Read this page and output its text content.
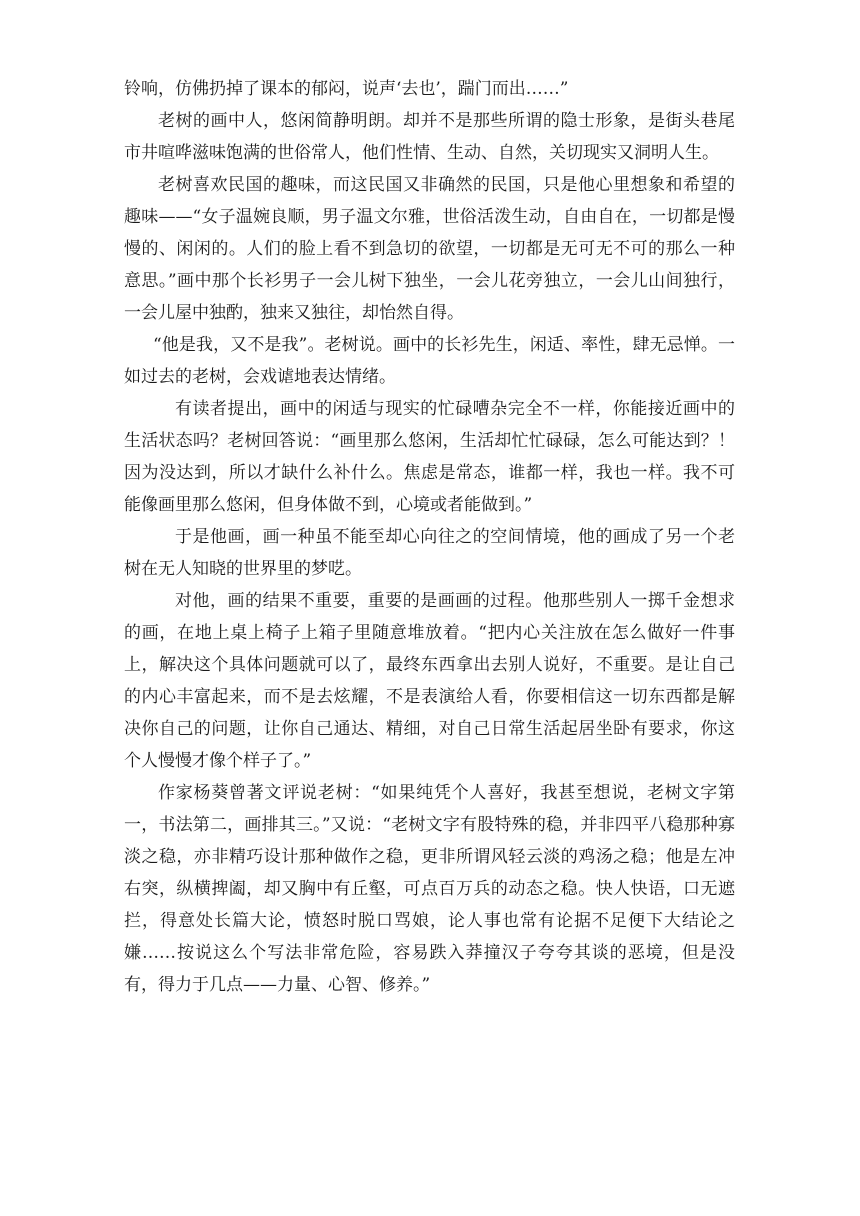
铃响，仿佛扔掉了课本的郁闷，说声‘去也’，踹门而出……”

老树的画中人，悠闲简静明朗。却并不是那些所谓的隐士形象，是街头巷尾市井喧哗滋味饱满的世俗常人，他们性情、生动、自然，关切现实又洞明人生。

老树喜欢民国的趣味，而这民国又非确然的民国，只是他心里想象和希望的趣味——“女子温婉良顺，男子温文尔雅，世俗活泼生动，自由自在，一切都是慢慢的、闲闲的。人们的脸上看不到急切的欲望，一切都是无可无不可的那么一种意思。”画中那个长衫男子一会儿树下独坐，一会儿花旁独立，一会儿山间独行，一会儿屋中独酌，独来又独往，却怡然自得。

“他是我，又不是我”。老树说。画中的长衫先生，闲适、率性，肆无忌惮。一如过去的老树，会戏谑地表达情绪。

有读者提出，画中的闲适与现实的忙碌嘈杂完全不一样，你能接近画中的生活状态吗？老树回答说：“画里那么悠闲，生活却忙忙碌碌，怎么可能达到？！因为没达到，所以才缺什么补什么。焦虑是常态，谁都一样，我也一样。我不可能像画里那么悠闲，但身体做不到，心境或者能做到。”

于是他画，画一种虽不能至却心向往之的空间情境，他的画成了另一个老树在无人知晓的世界里的梦呓。

对他，画的结果不重要，重要的是画画的过程。他那些别人一掷千金想求的画，在地上桌上椅子上箱子里随意堆放着。“把内心关注放在怎么做好一件事上，解决这个具体问题就可以了，最终东西拿出去别人说好，不重要。是让自己的内心丰富起来，而不是去炫耀，不是表演给人看，你要相信这一切东西都是解决你自己的问题，让你自己通达、精细，对自己日常生活起居坐卧有要求，你这个人慢慢才像个样子了。”

作家杨葵曾著文评说老树：“如果纯凭个人喜好，我甚至想说，老树文字第一，书法第二，画排其三。”又说：“老树文字有股特殊的稳，并非四平八稳那种寡淡之稳，亦非精巧设计那种做作之稳，更非所谓风轻云淡的鸡汤之稳；他是左冲右突，纵横捭阖，却又胸中有丘壑，可点百万兵的动态之稳。快人快语，口无遮拦，得意处长篇大论，愤怒时脱口骂娘，论人事也常有论据不足便下大结论之嫌……按说这么个写法非常危险，容易跌入莽撞汉子夸夸其谈的恶境，但是没有，得力于几点——力量、心智、修养。”
